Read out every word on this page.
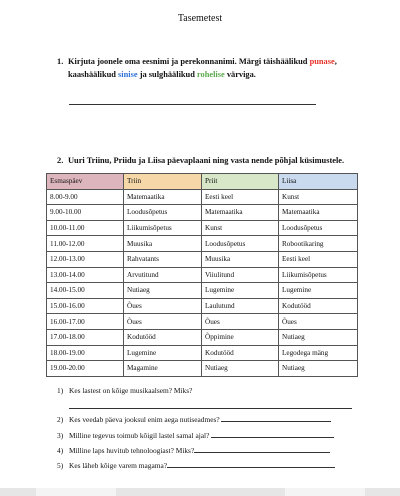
Tasemetest
1. Kirjuta joonele oma eesnimi ja perekonnanimi. Märgi täishäälikud punase,
kaashäälikud sinise ja sulghäälikud rohelise värviga.
2. Uuri Triinu, Priidu ja Liisa päevaplaani ning vasta nende põhjal küsimustele.
Esmaspäev	Triin	Priit	Liisa
8.00-9.00	Matemaatika	Eesti keel	Kunst
9.00-10.00	Loodusõpetus	Matemaatika	Matemaatika
10.00-11.00	Liikumisõpetus	Kunst	Loodusõpetus
11.00-12.00	Muusika	Loodusõpetus	Robootikaring
12.00-13.00	Rahvatants	Muusika	Eesti keel
13.00-14.00	Arvutitund	Viiulitund	Liikumisõpetus
14.00-15.00	Nutiaeg	Lugemine	Lugemine
15.00-16.00	Õues	Laulutund	Kodutööd
16.00-17.00	Õues	Õues	Õues
17.00-18.00	Kodutööd	Õppimine	Nutiaeg
18.00-19.00	Lugemine	Kodutööd	Legodega mäng
19.00-20.00	Magamine	Nutiaeg	Nutiaeg
1) Kes lastest on kõige musikaalsem? Miks?
2) Kes veedab päeva jooksul enim aega nutiseadmes?
3) Milline tegevus toimub kõigil lastel samal ajal?
4) Milline laps huvitub tehnoloogiast? Miks?
5) Kes läheb kõige varem magama?
